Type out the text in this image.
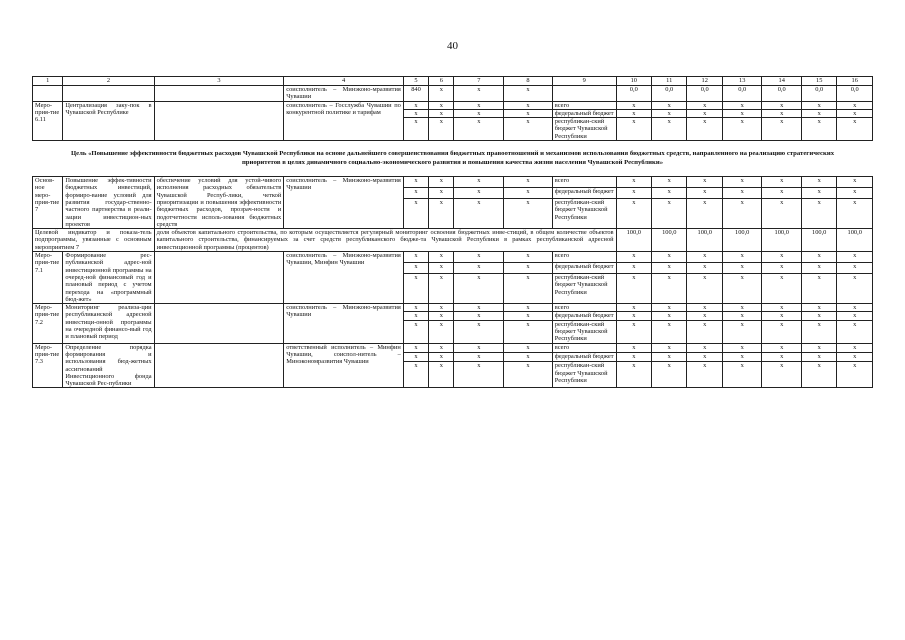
40
1	2	3	4	5	6	7	8	9	10	11	12	13	14	15	16
			соисполнитель – Минэконо-мразвития Чувашии	840	x	x	x		0,0	0,0	0,0	0,0	0,0	0,0	0,0
Меро-прия-тие 6.11	Централизация заку-пок в Чувашской Республике		соисполнитель – Госслужба Чувашии по конкурентной политике и тарифам	x	x	x	x	всего	x	x	x	x	x	x	x
				x	x	x	x	федеральный бюджет	x	x	x	x	x	x	x
				x	x	x	x	республикан-ский бюджет Чувашской Республики	x	x	x	x	x	x	x
Цель «Повышение эффективности бюджетных расходов Чувашской Республики на основе дальнейшего совершенствования бюджетных правоотношений и механизмов использования бюджетных средств, направленного на реализацию стратегических приоритетов в целях динамичного социально-экономического развития и повышения качества жизни населения Чувашской Республики»															
Основ-ное меро-прия-тие 7	Повышение эффек-тивности бюджетных инвестиций, формиро-вание условий для развития государ-ственно-частного партнерства в реали-зации инвестицион-ных проектов	обеспечение условий для устой-чивого исполнения расходных обязательств Чувашской Респуб-лики, четкой приоритизации и повышения эффективности бюджетных расходов, прозрач-ности и подотчетности исполь-зования бюджетных средств	соисполнитель – Минэконо-мразвития Чувашии	x	x	x	x	всего	x	x	x	x	x	x	x
				x	x	x	x	федеральный бюджет	x	x	x	x	x	x	x
				x	x	x	x	республикан-ский бюджет Чувашской Республики	x	x	x	x	x	x	x
Целевой индикатор и показа-тель подпрограммы, увязанные с основным мероприятием 7		доля объектов капитального строительства, по которым осуществляется регулярный мониторинг освоения бюджетных инве-стиций, в общем количестве объектов капитального строительства, финансируемых за счет средств республиканского бюдже-та Чувашской Республики в рамках республиканской адресной инвестиционной программы (процентов)							100,0	100,0	100,0	100,0	100,0	100,0	100,0
Меро-прия-тие 7.1	Формирование рес-публиканской адрес-ной инвестиционной программы на очеред-ной финансовый год и плановый период с учетом перехода на «программный бюд-жет»		соисполнитель – Минэконо-мразвития Чувашии, Минфин Чувашии	x	x	x	x	всего	x	x	x	x	x	x	x
				x	x	x	x	федеральный бюджет	x	x	x	x	x	x	x
				x	x	x	x	республикан-ский бюджет Чувашской Республики	x	x	x	x	x	x	x
Меро-прия-тие 7.2	Мониторинг реализа-ции республиканской адресной инвестици-онной программы на очередной финансо-вый год и плановый период		соисполнитель – Минэконо-мразвития Чувашии	x	x	x	x	всего	x	x	x	x	x	x	x
				x	x	x	x	федеральный бюджет	x	x	x	x	x	x	x
				x	x	x	x	республикан-ский бюджет Чувашской Республики	x	x	x	x	x	x	x
Меро-прия-тие 7.3	Определение порядка формирования и использования бюд-жетных ассигнований Инвестиционного фонда Чувашской Рес-публики		ответственный исполнитель – Минфин Чувашии, соиспол-нитель – Минэкономразвития Чувашии	x	x	x	x	всего	x	x	x	x	x	x	x
				x	x	x	x	федеральный бюджет	x	x	x	x	x	x	x
				x	x	x	x	республикан-ский бюджет Чувашской Республики	x	x	x	x	x	x	x
